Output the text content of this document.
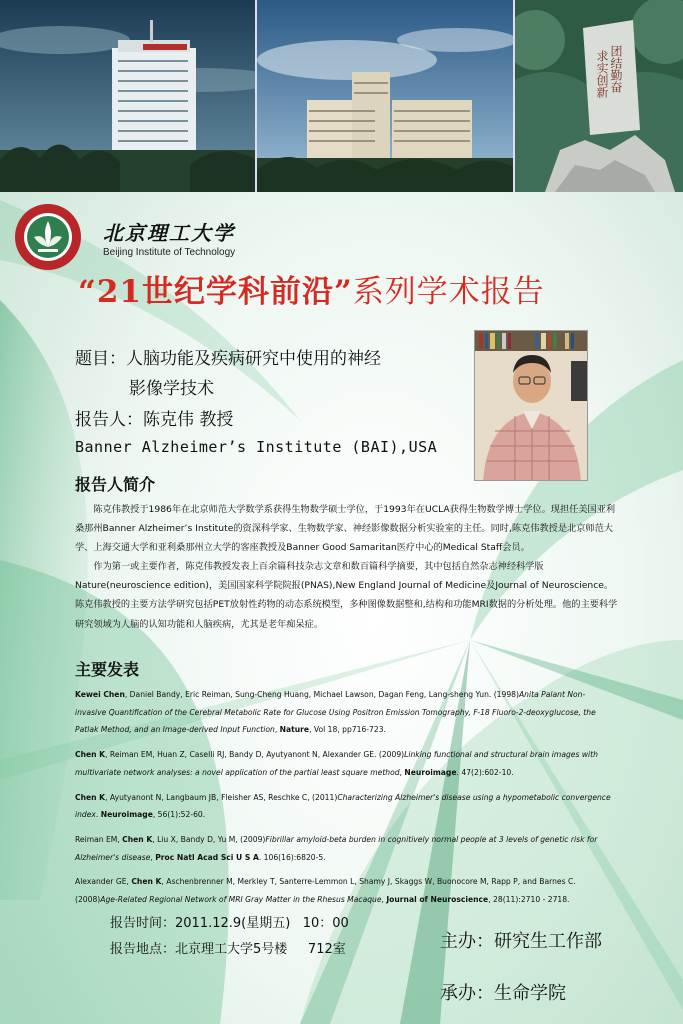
团结勤奋
求实创新
北京理工大学
Beijing Institute of Technology
“21世纪学科前沿”系列学术报告
题目：人脑功能及疾病研究中使用的神经
影像学技术
报告人：陈克伟 教授
Banner Alzheimer’s Institute (BAI),USA
报告人简介

陈克伟教授于1986年在北京师范大学数学系获得生物数学硕士学位，于1993年在UCLA获得生物数学博士学位。现担任美国亚利桑那州Banner Alzheimer’s Institute的资深科学家、生物数学家、神经影像数据分析实验室的主任。同时,陈克伟教授是北京师范大学、上海交通大学和亚利桑那州立大学的客座教授及Banner Good Samaritan医疗中心的Medical Staff会员。

作为第一或主要作者，陈克伟教授发表上百余篇科技杂志文章和数百篇科学摘要，其中包括自然杂志神经科学版Nature(neuroscience edition)，美国国家科学院院报(PNAS),New England Journal of Medicine及Journal of Neuroscience。陈克伟教授的主要方法学研究包括PET放射性药物的动态系统模型，多种图像数据整和,结构和功能MRI数据的分析处理。他的主要科学研究领域为人脑的认知功能和人脑疾病，尤其是老年痴呆症。

主要发表
Kewei Chen, Daniel Bandy, Eric Reiman, Sung-Cheng Huang, Michael Lawson, Dagan Feng, Lang-sheng Yun. (1998)Anita Palant Non-invasive Quantification of the Cerebral Metabolic Rate for Glucose Using Positron Emission Tomography, F-18 Fluoro-2-deoxyglucose, the Patlak Method, and an Image-derived Input Function, Nature, Vol 18, pp716-723.
Chen K, Reiman EM, Huan Z, Caselli RJ, Bandy D, Ayutyanont N, Alexander GE. (2009)Linking functional and structural brain images with multivariate network analyses: a novel application of the partial least square method, Neuroimage. 47(2):602-10.
Chen K, Ayutyanont N, Langbaum JB, Fleisher AS, Reschke C, (2011)Characterizing Alzheimer's disease using a hypometabolic convergence index. Neuroimage, 56(1):52-60.
Reiman EM, Chen K, Liu X, Bandy D, Yu M, (2009)Fibrillar amyloid-beta burden in cognitively normal people at 3 levels of genetic risk for Alzheimer's disease, Proc Natl Acad Sci U S A. 106(16):6820-5.
Alexander GE, Chen K, Aschenbrenner M, Merkley T, Santerre-Lemmon L, Shamy J, Skaggs W, Buonocore M, Rapp P, and Barnes C. (2008)Age-Related Regional Network of MRI Gray Matter in the Rhesus Macaque, Journal of Neuroscience, 28(11):2710 - 2718.
报告时间：2011.12.9(星期五)   10：00
报告地点：北京理工大学5号楼     712室	主办：研究生工作部
承办：生命学院
